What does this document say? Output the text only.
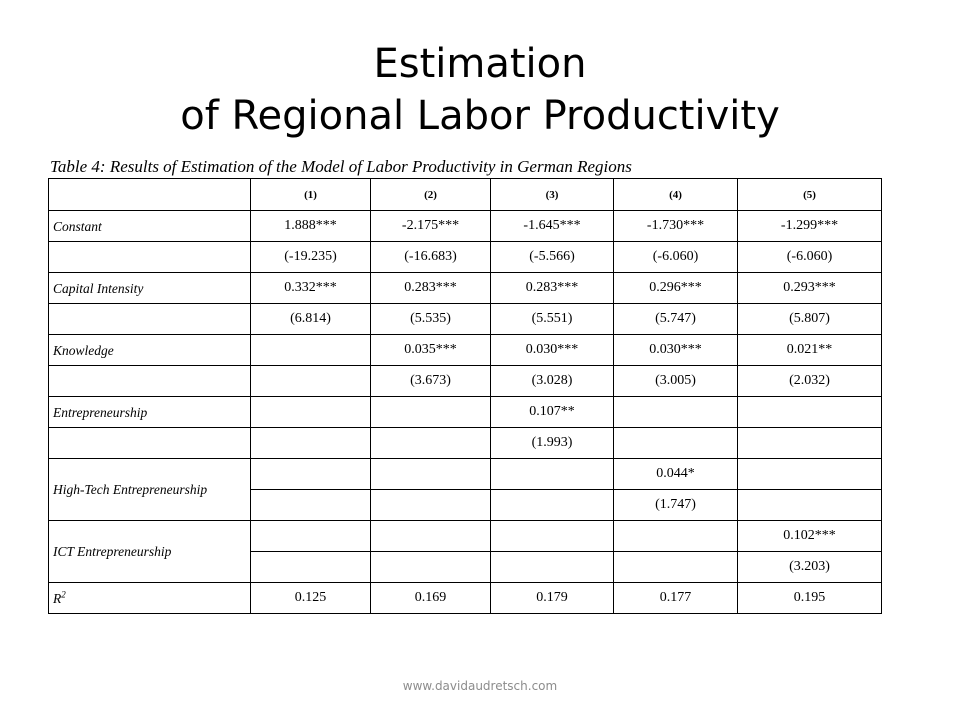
Estimation
of Regional Labor Productivity
Table 4: Results of Estimation of the Model of Labor Productivity in German Regions
	(1)	(2)	(3)	(4)	(5)
Constant	1.888***	-2.175***	-1.645***	-1.730***	-1.299***
	(-19.235)	(-16.683)	(-5.566)	(-6.060)	(-6.060)
Capital Intensity	0.332***	0.283***	0.283***	0.296***	0.293***
	(6.814)	(5.535)	(5.551)	(5.747)	(5.807)
Knowledge		0.035***	0.030***	0.030***	0.021**
		(3.673)	(3.028)	(3.005)	(2.032)
Entrepreneurship			0.107**		
			(1.993)		
High-Tech Entrepreneurship				0.044*	
				(1.747)	
ICT Entrepreneurship					0.102***
					(3.203)
$R^2$	0.125	0.169	0.179	0.177	0.195
www.davidaudretsch.com
